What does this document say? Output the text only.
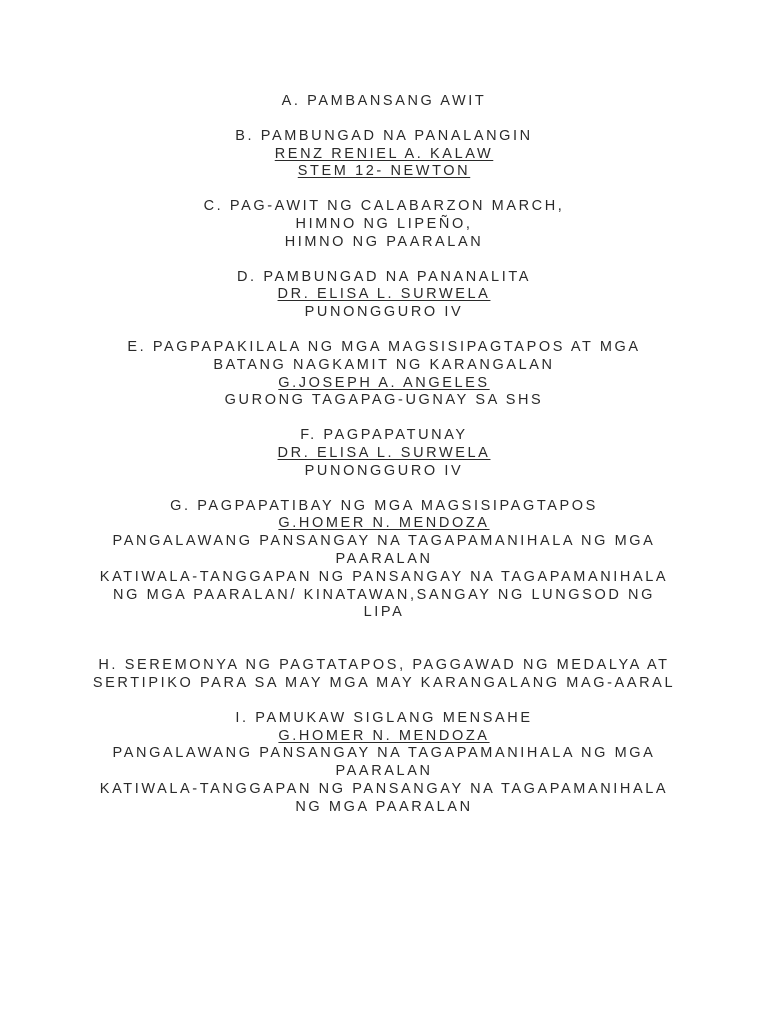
A. PAMBANSANG AWIT
B. PAMBUNGAD NA PANALANGIN
RENZ RENIEL A. KALAW
STEM 12- NEWTON
C. PAG-AWIT NG CALABARZON MARCH,
HIMNO NG LIPEÑO,
HIMNO NG PAARALAN
D. PAMBUNGAD NA PANANALITA
DR. ELISA L. SURWELA
PUNONGGURO IV
E. PAGPAPAKILALA NG MGA MAGSISIPAGTAPOS AT MGA
BATANG NAGKAMIT NG KARANGALAN
G.JOSEPH A. ANGELES
GURONG TAGAPAG-UGNAY SA SHS
F. PAGPAPATUNAY
DR. ELISA L. SURWELA
PUNONGGURO IV
G. PAGPAPATIBAY NG MGA MAGSISIPAGTAPOS
G.HOMER N. MENDOZA
PANGALAWANG PANSANGAY NA TAGAPAMANIHALA NG MGA
PAARALAN
KATIWALA-TANGGAPAN NG PANSANGAY NA TAGAPAMANIHALA
NG MGA PAARALAN/ KINATAWAN,SANGAY NG LUNGSOD NG
LIPA
H. SEREMONYA NG PAGTATAPOS, PAGGAWAD NG MEDALYA AT
SERTIPIKO PARA SA MAY MGA MAY KARANGALANG MAG-AARAL
I. PAMUKAW SIGLANG MENSAHE
G.HOMER N. MENDOZA
PANGALAWANG PANSANGAY NA TAGAPAMANIHALA NG MGA
PAARALAN
KATIWALA-TANGGAPAN NG PANSANGAY NA TAGAPAMANIHALA
NG MGA PAARALAN
